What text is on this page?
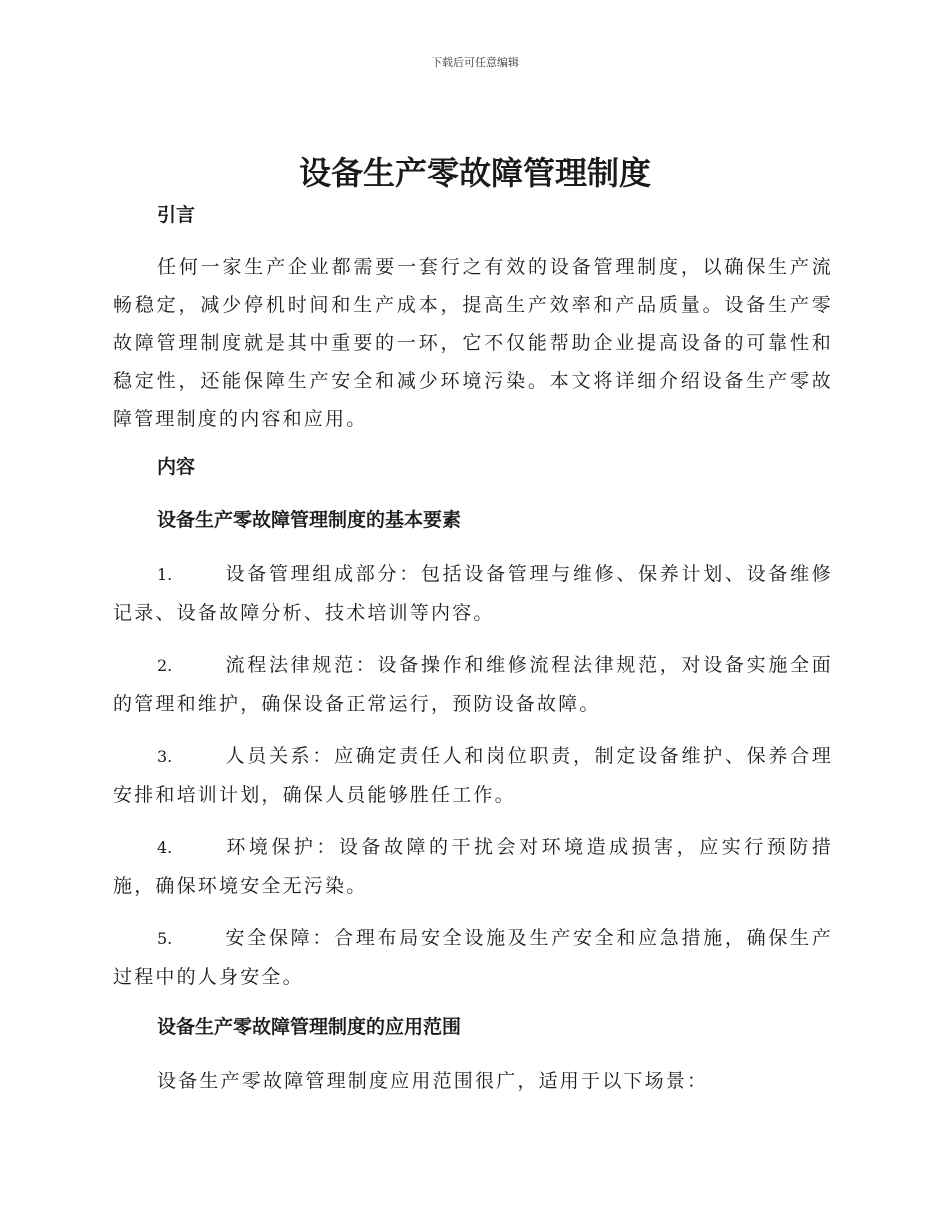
下载后可任意编辑
设备生产零故障管理制度
引言

任何一家生产企业都需要一套行之有效的设备管理制度，以确保生产流畅稳定，减少停机时间和生产成本，提高生产效率和产品质量。设备生产零故障管理制度就是其中重要的一环，它不仅能帮助企业提高设备的可靠性和稳定性，还能保障生产安全和减少环境污染。本文将详细介绍设备生产零故障管理制度的内容和应用。

内容
设备生产零故障管理制度的基本要素
1.	设备管理组成部分：包括设备管理与维修、保养计划、设备维修记录、设备故障分析、技术培训等内容。
2.	流程法律规范：设备操作和维修流程法律规范，对设备实施全面的管理和维护，确保设备正常运行，预防设备故障。
3.	人员关系：应确定责任人和岗位职责，制定设备维护、保养合理安排和培训计划，确保人员能够胜任工作。
4.	环境保护：设备故障的干扰会对环境造成损害，应实行预防措施，确保环境安全无污染。
5.	安全保障：合理布局安全设施及生产安全和应急措施，确保生产过程中的人身安全。
设备生产零故障管理制度的应用范围

设备生产零故障管理制度应用范围很广，适用于以下场景：
